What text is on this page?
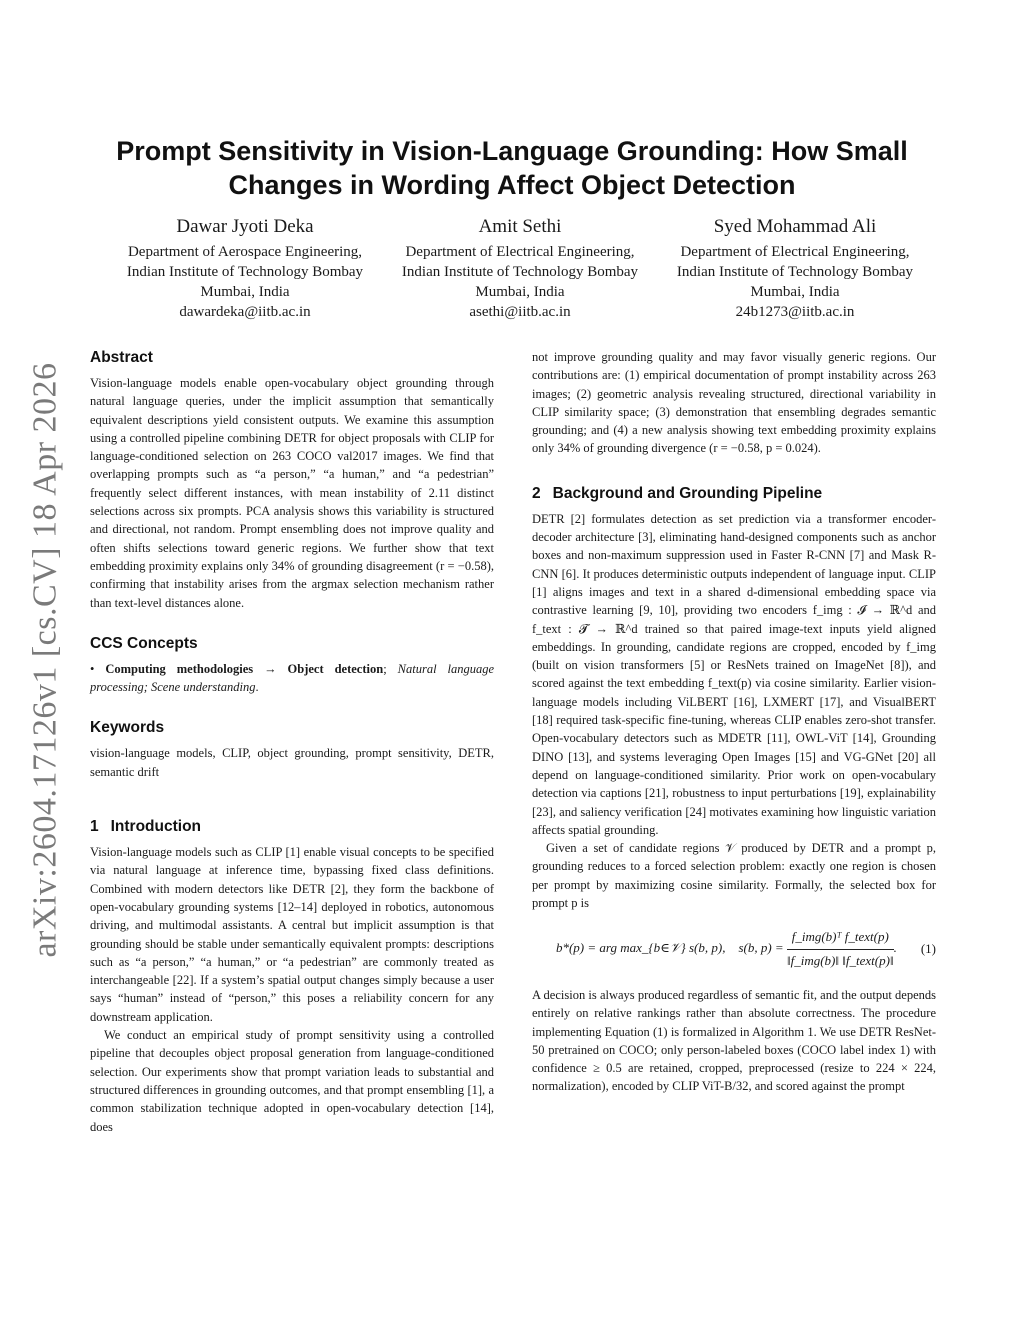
arXiv:2604.17126v1 [cs.CV] 18 Apr 2026
Prompt Sensitivity in Vision-Language Grounding: How Small Changes in Wording Affect Object Detection
Dawar Jyoti Deka
Department of Aerospace Engineering, Indian Institute of Technology Bombay
Mumbai, India
dawardeka@iitb.ac.in
Amit Sethi
Department of Electrical Engineering, Indian Institute of Technology Bombay
Mumbai, India
asethi@iitb.ac.in
Syed Mohammad Ali
Department of Electrical Engineering, Indian Institute of Technology Bombay
Mumbai, India
24b1273@iitb.ac.in
Abstract

Vision-language models enable open-vocabulary object grounding through natural language queries, under the implicit assumption that semantically equivalent descriptions yield consistent outputs. We examine this assumption using a controlled pipeline combining DETR for object proposals with CLIP for language-conditioned selection on 263 COCO val2017 images. We find that overlapping prompts such as “a person,” “a human,” and “a pedestrian” frequently select different instances, with mean instability of 2.11 distinct selections across six prompts. PCA analysis shows this variability is structured and directional, not random. Prompt ensembling does not improve quality and often shifts selections toward generic regions. We further show that text embedding proximity explains only 34% of grounding disagreement (r = −0.58), confirming that instability arises from the argmax selection mechanism rather than text-level distances alone.

CCS Concepts

• Computing methodologies → Object detection; Natural language processing; Scene understanding.

Keywords

vision-language models, CLIP, object grounding, prompt sensitivity, DETR, semantic drift

1 Introduction

Vision-language models such as CLIP [1] enable visual concepts to be specified via natural language at inference time, bypassing fixed class definitions. Combined with modern detectors like DETR [2], they form the backbone of open-vocabulary grounding systems [12–14] deployed in robotics, autonomous driving, and multimodal assistants. A central but implicit assumption is that grounding should be stable under semantically equivalent prompts: descriptions such as “a person,” “a human,” or “a pedestrian” are commonly treated as interchangeable [22]. If a system’s spatial output changes simply because a user says “human” instead of “person,” this poses a reliability concern for any downstream application.

We conduct an empirical study of prompt sensitivity using a controlled pipeline that decouples object proposal generation from language-conditioned selection. Our experiments show that prompt variation leads to substantial and structured differences in grounding outcomes, and that prompt ensembling [1], a common stabilization technique adopted in open-vocabulary detection [14], does

not improve grounding quality and may favor visually generic regions. Our contributions are: (1) empirical documentation of prompt instability across 263 images; (2) geometric analysis revealing structured, directional variability in CLIP similarity space; (3) demonstration that ensembling degrades semantic grounding; and (4) a new analysis showing text embedding proximity explains only 34% of grounding divergence (r = −0.58, p = 0.024).

2 Background and Grounding Pipeline

DETR [2] formulates detection as set prediction via a transformer encoder-decoder architecture [3], eliminating hand-designed components such as anchor boxes and non-maximum suppression used in Faster R-CNN [7] and Mask R-CNN [6]. It produces deterministic outputs independent of language input. CLIP [1] aligns images and text in a shared d-dimensional embedding space via contrastive learning [9, 10], providing two encoders f_img : 𝓘 → ℝ^d and f_text : 𝓣 → ℝ^d trained so that paired image-text inputs yield aligned embeddings. In grounding, candidate regions are cropped, encoded by f_img (built on vision transformers [5] or ResNets trained on ImageNet [8]), and scored against the text embedding f_text(p) via cosine similarity. Earlier vision-language models including ViLBERT [16], LXMERT [17], and VisualBERT [18] required task-specific fine-tuning, whereas CLIP enables zero-shot transfer. Open-vocabulary detectors such as MDETR [11], OWL-ViT [14], Grounding DINO [13], and systems leveraging Open Images [15] and VG-GNet [20] all depend on language-conditioned similarity. Prior work on open-vocabulary detection via captions [21], robustness to input perturbations [19], explainability [23], and saliency verification [24] motivates examining how linguistic variation affects spatial grounding.

Given a set of candidate regions 𝒱 produced by DETR and a prompt p, grounding reduces to a forced selection problem: exactly one region is chosen per prompt by maximizing cosine similarity. Formally, the selected box for prompt p is

b*(p) = arg max_{b∈𝒱} s(b, p), s(b, $p) = \frac{\text{f\_img(b)ᵀ f\_text(p)}}{\text{‖f\_img(b)‖ ‖f\_text(p)‖}}$ .	(1)

A decision is always produced regardless of semantic fit, and the output depends entirely on relative rankings rather than absolute correctness. The procedure implementing Equation (1) is formalized in Algorithm 1. We use DETR ResNet-50 pretrained on COCO; only person-labeled boxes (COCO label index 1) with confidence ≥ 0.5 are retained, cropped, preprocessed (resize to 224 × 224, normalization), encoded by CLIP ViT-B/32, and scored against the prompt
